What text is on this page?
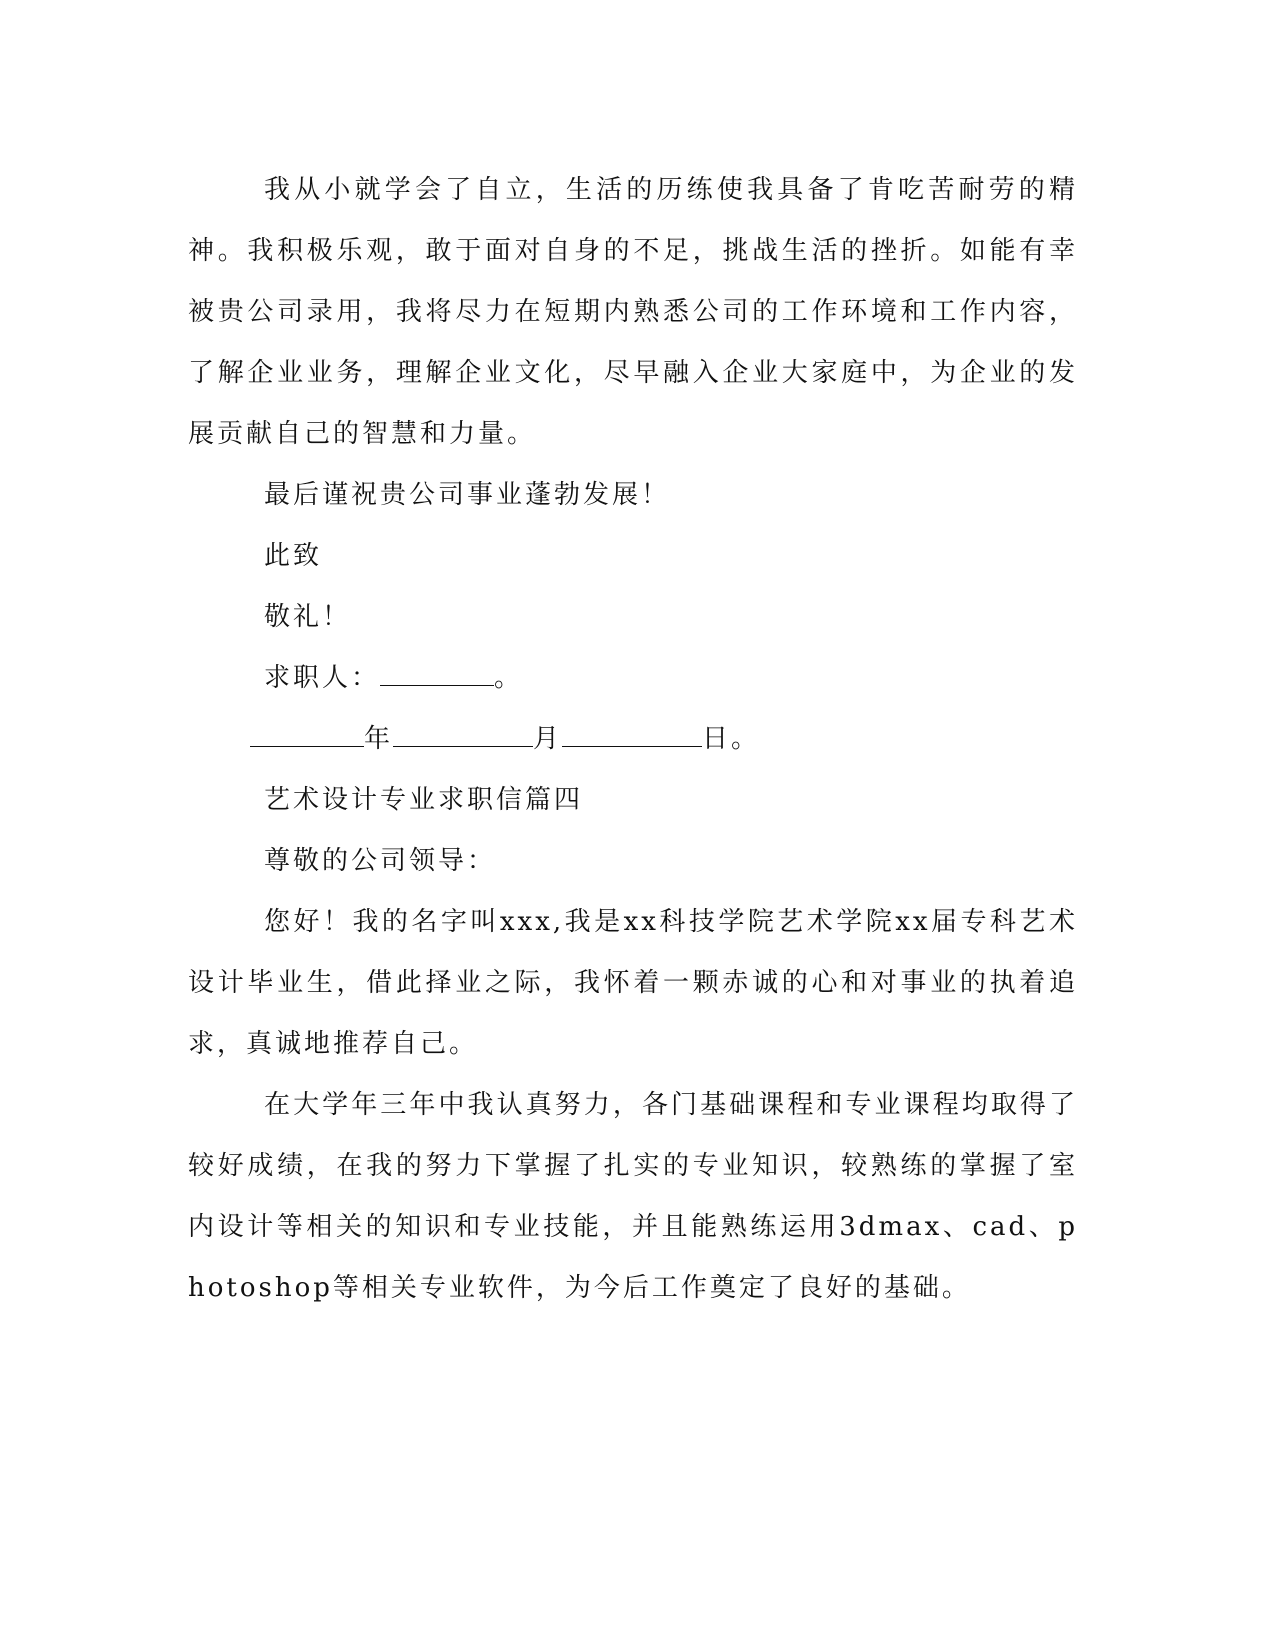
我从小就学会了自立，生活的历练使我具备了肯吃苦耐劳的精神。我积极乐观，敢于面对自身的不足，挑战生活的挫折。如能有幸被贵公司录用，我将尽力在短期内熟悉公司的工作环境和工作内容，了解企业业务，理解企业文化，尽早融入企业大家庭中，为企业的发展贡献自己的智慧和力量。

最后谨祝贵公司事业蓬勃发展！

此致

敬礼！

求职人：	。

年	月	日。

艺术设计专业求职信篇四

尊敬的公司领导：

您好！我的名字叫xxx,我是xx科技学院艺术学院xx届专科艺术设计毕业生，借此择业之际，我怀着一颗赤诚的心和对事业的执着追求，真诚地推荐自己。

在大学年三年中我认真努力，各门基础课程和专业课程均取得了较好成绩，在我的努力下掌握了扎实的专业知识，较熟练的掌握了室内设计等相关的知识和专业技能，并且能熟练运用3dmax、cad、photoshop等相关专业软件，为今后工作奠定了良好的基础。
